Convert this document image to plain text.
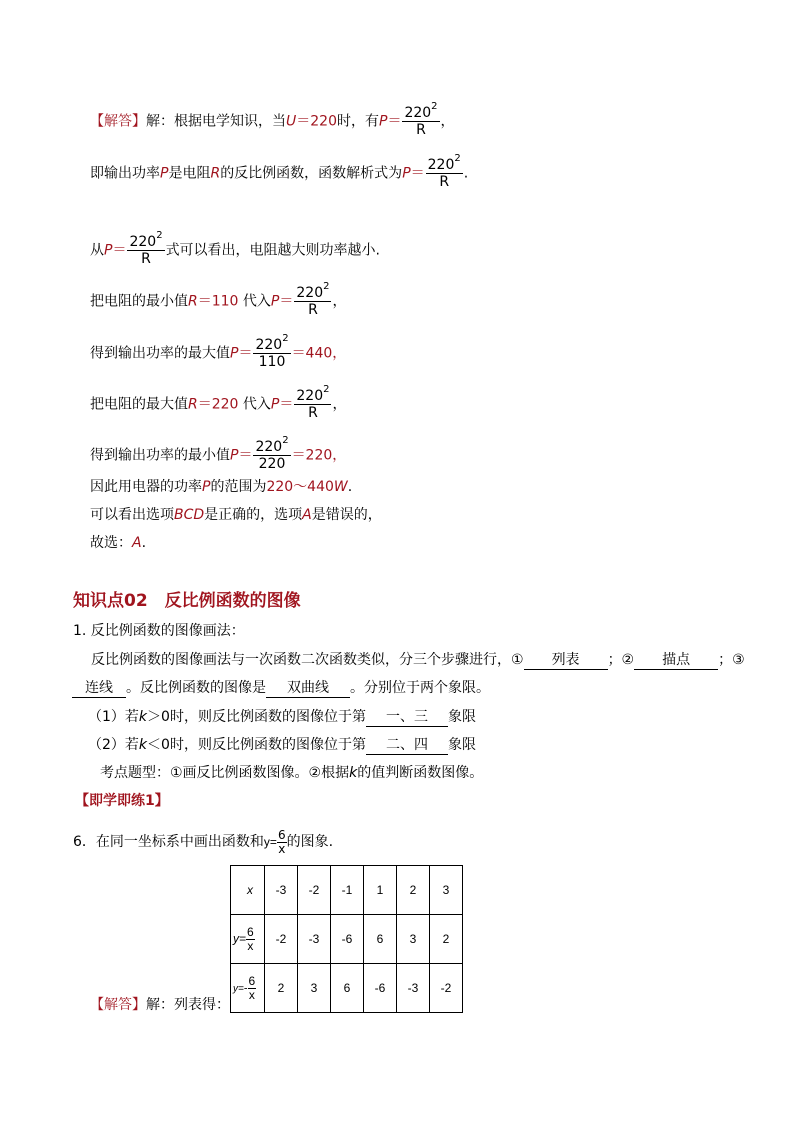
【解答】解：根据电学知识，当U＝220时，有$P= \frac{220^2}{R}$ ，
即输出功率P是电阻R的反比例函数，函数解析式为$P= \frac{220^2}{R}$ .
从$P= \frac{220^2}{R}$ 式可以看出，电阻越大则功率越小.
把电阻的最小值R＝110 代入$P= \frac{220^2}{R}$ ，
得到输出功率的最大值$P= \frac{220^2}{110} =440$，
把电阻的最大值R＝220 代入$P= \frac{220^2}{R}$ ，
得到输出功率的最小值$P= \frac{220^2}{220} =220$，
因此用电器的功率P的范围为220～440W.
可以看出选项BCD是正确的，选项A是错误的，
故选：A.
知识点02　反比例函数的图像
1. 反比例函数的图像画法：
反比例函数的图像画法与一次函数二次函数类似，分三个步骤进行，① 列表 ；② 描点 ；③
连线 。反比例函数的图像是 双曲线 。分别位于两个象限。
（1）若k＞0时，则反比例函数的图像位于第 一、三 象限
（2）若k＜0时，则反比例函数的图像位于第 二、四 象限
考点题型：①画反比例函数图像。②根据k的值判断函数图像。
【即学即练1】
6．在同一坐标系中画出函数和$y= \frac{6}{x}$ 的图象.
【解答】解：列表得：
x	-3	-2	-1	1	2	3
$y= \frac{6}{x}$	-2	-3	-6	6	3	2
$y=- \frac{6}{x}$	2	3	6	-6	-3	-2
